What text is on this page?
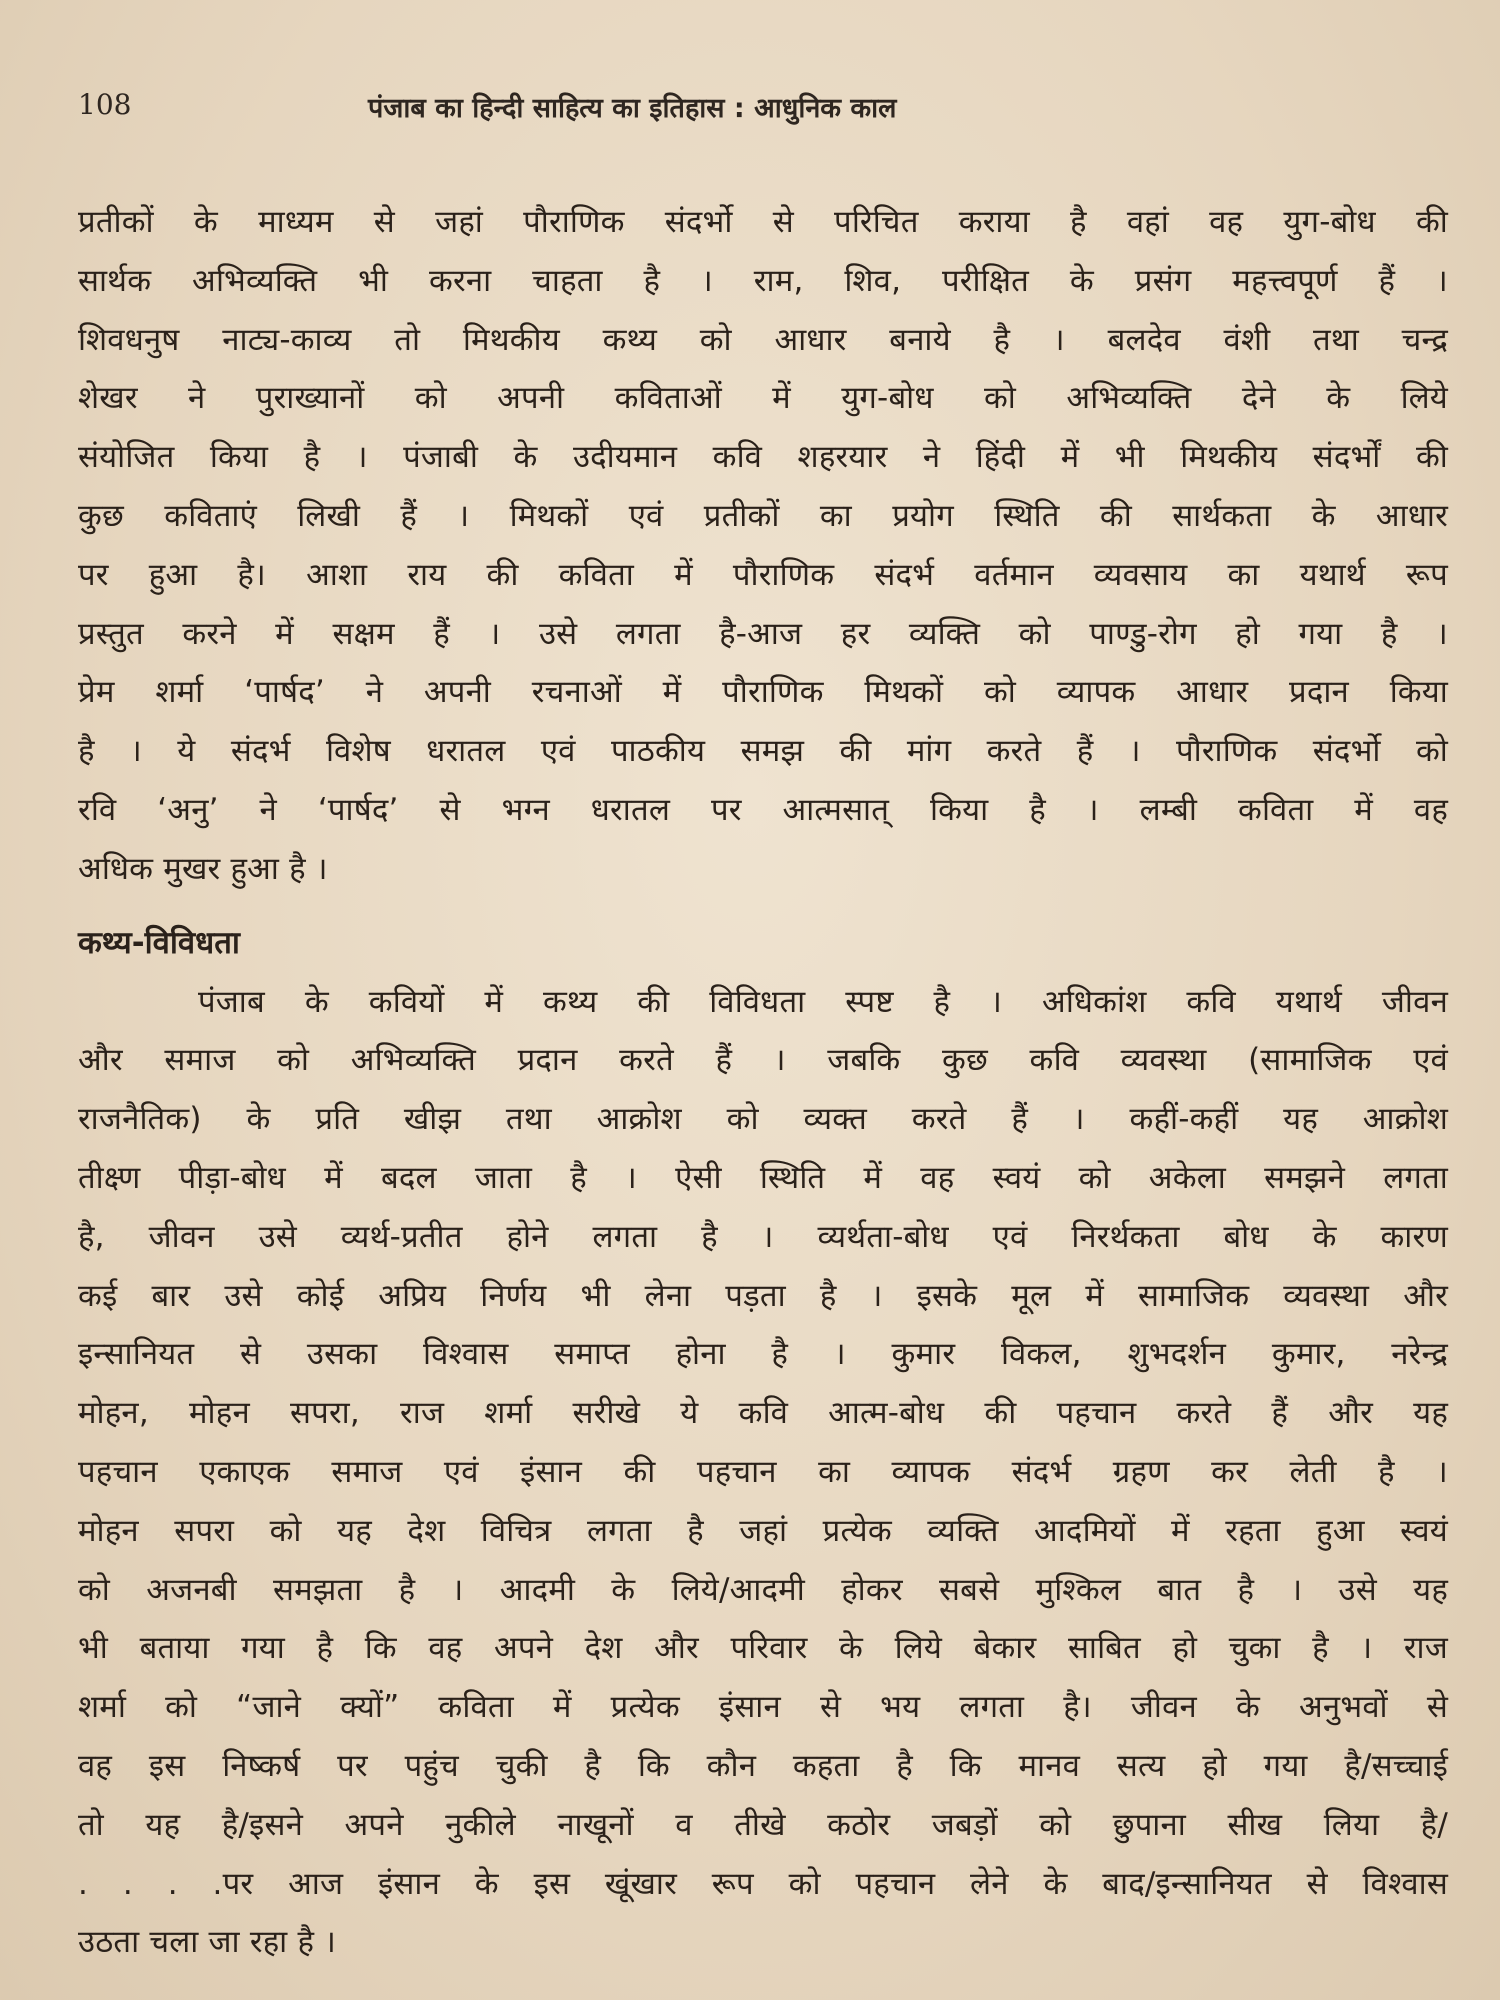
108	पंजाब का हिन्दी साहित्य का इतिहास : आधुनिक काल
प्रतीकों के माध्यम से जहां पौराणिक संदर्भो से परिचित कराया है वहां वह युग-बोध की
सार्थक अभिव्यक्ति भी करना चाहता है । राम, शिव, परीक्षित के प्रसंग महत्त्वपूर्ण हैं ।
शिवधनुष नाट्य-काव्य तो मिथकीय कथ्य को आधार बनाये है । बलदेव वंशी तथा चन्द्र
शेखर ने पुराख्यानों को अपनी कविताओं में युग-बोध को अभिव्यक्ति देने के लिये
संयोजित किया है । पंजाबी के उदीयमान कवि शहरयार ने हिंदी में भी मिथकीय संदर्भों की
कुछ कविताएं लिखी हैं । मिथकों एवं प्रतीकों का प्रयोग स्थिति की सार्थकता के आधार
पर हुआ है। आशा राय की कविता में पौराणिक संदर्भ वर्तमान व्यवसाय का यथार्थ रूप
प्रस्तुत करने में सक्षम हैं । उसे लगता है-आज हर व्यक्ति को पाण्डु-रोग हो गया है ।
प्रेम शर्मा ‘पार्षद’ ने अपनी रचनाओं में पौराणिक मिथकों को व्यापक आधार प्रदान किया
है । ये संदर्भ विशेष धरातल एवं पाठकीय समझ की मांग करते हैं । पौराणिक संदर्भो को
रवि ‘अनु’ ने ‘पार्षद’ से भग्न धरातल पर आत्मसात् किया है । लम्बी कविता में वह
अधिक मुखर हुआ है ।
कथ्य-विविधता
पंजाब के कवियों में कथ्य की विविधता स्पष्ट है । अधिकांश कवि यथार्थ जीवन
और समाज को अभिव्यक्ति प्रदान करते हैं । जबकि कुछ कवि व्यवस्था (सामाजिक एवं
राजनैतिक) के प्रति खीझ तथा आक्रोश को व्यक्त करते हैं । कहीं-कहीं यह आक्रोश
तीक्ष्ण पीड़ा-बोध में बदल जाता है । ऐसी स्थिति में वह स्वयं को अकेला समझने लगता
है, जीवन उसे व्यर्थ-प्रतीत होने लगता है । व्यर्थता-बोध एवं निरर्थकता बोध के कारण
कई बार उसे कोई अप्रिय निर्णय भी लेना पड़ता है । इसके मूल में सामाजिक व्यवस्था और
इन्सानियत से उसका विश्वास समाप्त होना है । कुमार विकल, शुभदर्शन कुमार, नरेन्द्र
मोहन, मोहन सपरा, राज शर्मा सरीखे ये कवि आत्म-बोध की पहचान करते हैं और यह
पहचान एकाएक समाज एवं इंसान की पहचान का व्यापक संदर्भ ग्रहण कर लेती है ।
मोहन सपरा को यह देश विचित्र लगता है जहां प्रत्येक व्यक्ति आदमियों में रहता हुआ स्वयं
को अजनबी समझता है । आदमी के लिये/आदमी होकर सबसे मुश्किल बात है । उसे यह
भी बताया गया है कि वह अपने देश और परिवार के लिये बेकार साबित हो चुका है । राज
शर्मा को “जाने क्यों” कविता में प्रत्येक इंसान से भय लगता है। जीवन के अनुभवों से
वह इस निष्कर्ष पर पहुंच चुकी है कि कौन कहता है कि मानव सत्य हो गया है/सच्चाई
तो यह है/इसने अपने नुकीले नाखूनों व तीखे कठोर जबड़ों को छुपाना सीख लिया है/
. . . .पर आज इंसान के इस खूंखार रूप को पहचान लेने के बाद/इन्सानियत से विश्वास
उठता चला जा रहा है ।
